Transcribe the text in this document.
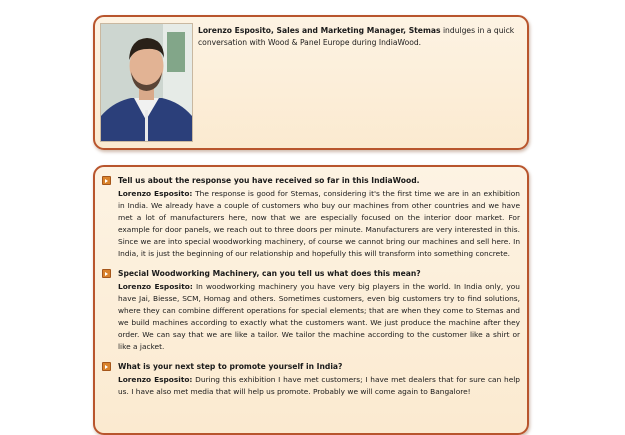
Lorenzo Esposito, Sales and Marketing Manager, Stemas indulges in a quick conversation with Wood & Panel Europe during IndiaWood.
Tell us about the response you have received so far in this IndiaWood.
Lorenzo Esposito: The response is good for Stemas, considering it's the first time we are in an exhibition in India. We already have a couple of customers who buy our machines from other countries and we have met a lot of manufacturers here, now that we are especially focused on the interior door market. For example for door panels, we reach out to three doors per minute. Manufacturers are very interested in this. Since we are into special woodworking machinery, of course we cannot bring our machines and sell here. In India, it is just the beginning of our relationship and hopefully this will transform into something concrete.
Special Woodworking Machinery, can you tell us what does this mean?
Lorenzo Esposito: In woodworking machinery you have very big players in the world. In India only, you have Jai, Biesse, SCM, Homag and others. Sometimes customers, even big customers try to find solutions, where they can combine different operations for special elements; that are when they come to Stemas and we build machines according to exactly what the customers want. We just produce the machine after they order. We can say that we are like a tailor. We tailor the machine according to the customer like a shirt or like a jacket.
What is your next step to promote yourself in India?
Lorenzo Esposito: During this exhibition I have met customers; I have met dealers that for sure can help us. I have also met media that will help us promote. Probably we will come again to Bangalore!
